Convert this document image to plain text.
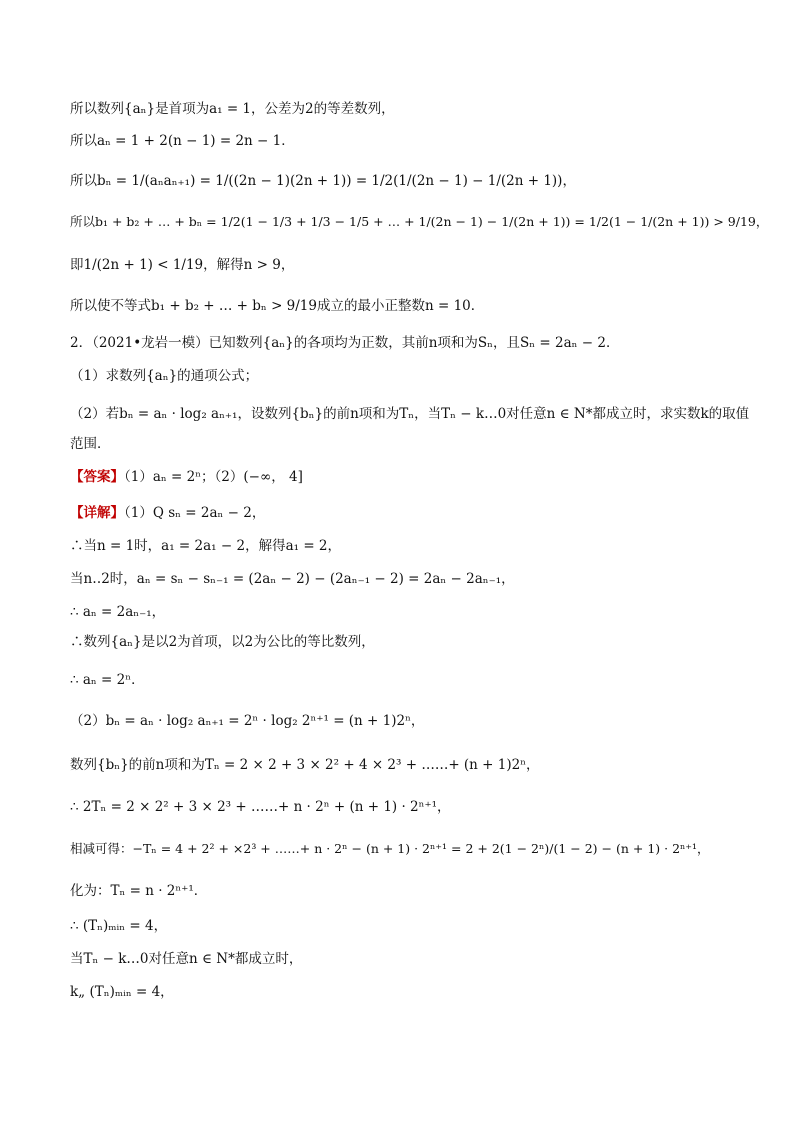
所以数列{aₙ}是首项为a₁ = 1，公差为2的等差数列，
所以aₙ = 1 + 2(n − 1) = 2n − 1．
所以bₙ = 1/(aₙaₙ₊₁) = 1/((2n − 1)(2n + 1)) = 1/2(1/(2n − 1) − 1/(2n + 1))，
所以b₁ + b₂ + … + bₙ = 1/2(1 − 1/3 + 1/3 − 1/5 + … + 1/(2n − 1) − 1/(2n + 1)) = 1/2(1 − 1/(2n + 1)) > 9/19，
即1/(2n + 1) < 1/19，解得n > 9，
所以使不等式b₁ + b₂ + … + bₙ > 9/19成立的最小正整数n = 10．
2．（2021•龙岩一模）已知数列{aₙ}的各项均为正数，其前n项和为Sₙ，且Sₙ = 2aₙ − 2．
（1）求数列{aₙ}的通项公式；
（2）若bₙ = aₙ · log₂ aₙ₊₁，设数列{bₙ}的前n项和为Tₙ，当Tₙ − k…0对任意n ∈ N*都成立时，求实数k的取值范围．
【答案】（1）aₙ = 2ⁿ；（2）(−∞， 4]
【详解】（1）Q sₙ = 2aₙ − 2，
∴当n = 1时，a₁ = 2a₁ − 2，解得a₁ = 2，
当n‥2时，aₙ = sₙ − sₙ₋₁ = (2aₙ − 2) − (2aₙ₋₁ − 2) = 2aₙ − 2aₙ₋₁，
∴ aₙ = 2aₙ₋₁，
∴数列{aₙ}是以2为首项，以2为公比的等比数列，
∴ aₙ = 2ⁿ．
（2）bₙ = aₙ · log₂ aₙ₊₁ = 2ⁿ · log₂ 2ⁿ⁺¹ = (n + 1)2ⁿ，
数列{bₙ}的前n项和为Tₙ = 2 × 2 + 3 × 2² + 4 × 2³ + ……+ (n + 1)2ⁿ，
∴ 2Tₙ = 2 × 2² + 3 × 2³ + ……+ n · 2ⁿ + (n + 1) · 2ⁿ⁺¹，
相减可得：−Tₙ = 4 + 2² + ×2³ + ……+ n · 2ⁿ − (n + 1) · 2ⁿ⁺¹ = 2 + 2(1 − 2ⁿ)/(1 − 2) − (n + 1) · 2ⁿ⁺¹，
化为：Tₙ = n · 2ⁿ⁺¹．
∴ (Tₙ)ₘᵢₙ = 4，
当Tₙ − k…0对任意n ∈ N*都成立时，
k„ (Tₙ)ₘᵢₙ = 4，
